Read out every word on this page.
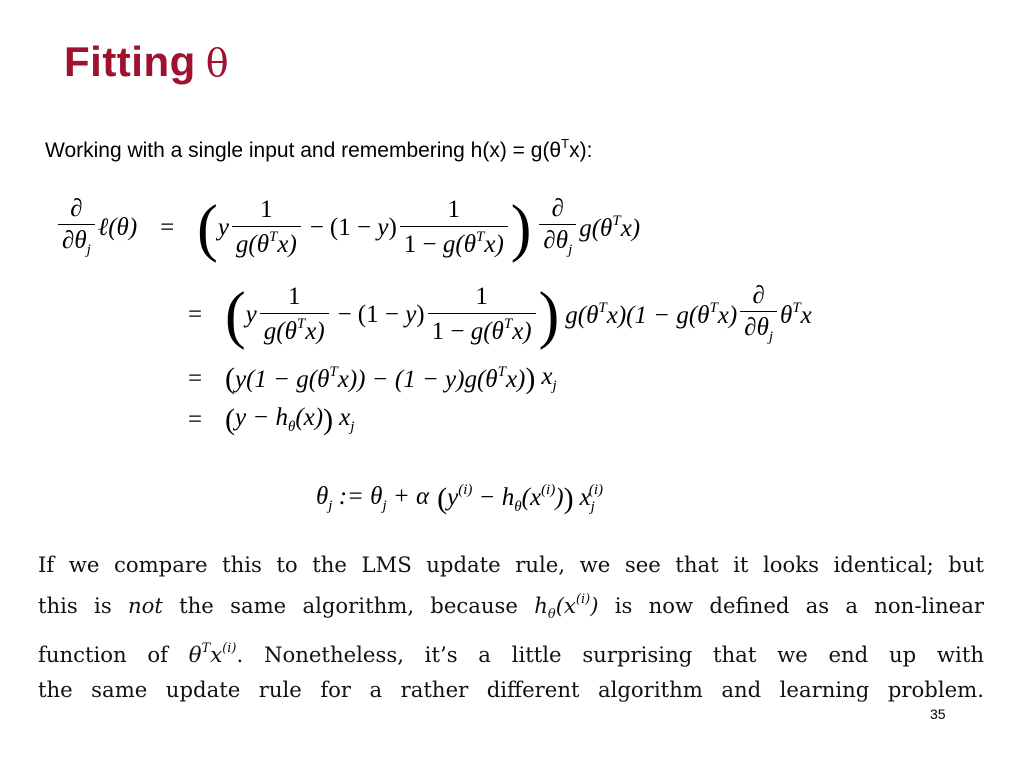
Fitting θ
Working with a single input and remembering $h(x) = g(\theta^Tx)$:
$\frac{\partial}{\partial\theta_j}$ ℓ(θ) = ( y $\frac{1}{g(\theta^Tx)} - (1 - y) \frac{1}{1 - g(\theta^Tx)}$ ) $\frac{\partial}{\partial\theta_j} g(\theta^Tx)$
= ( y $\frac{1}{g(\theta^Tx)} - (1 - y) \frac{1}{1 - g(\theta^Tx)}$ ) $g(\theta^Tx)(1 - g(\theta^Tx) \frac{\partial}{\partial\theta_j} \theta^Tx$
= ( $y(1 - g(\theta^Tx)) - (1 - y)g(\theta^Tx)$ ) $x_j$
= ( $y - h_\theta(x)$ ) $x_j$
$\theta_j$ := $\theta_j + \alpha$ ( $y^{(i)} - h_\theta(x^{(i)})$ ) $x_j^{(i)}$
If we compare this to the LMS update rule, we see that it looks identical; but
this is not the same algorithm, because $h_\theta(x^{(i)})$ is now defined as a non-linear
function of $\theta^Tx^{(i)}$. Nonetheless, it’s a little surprising that we end up with
the same update rule for a rather different algorithm and learning problem.
35
